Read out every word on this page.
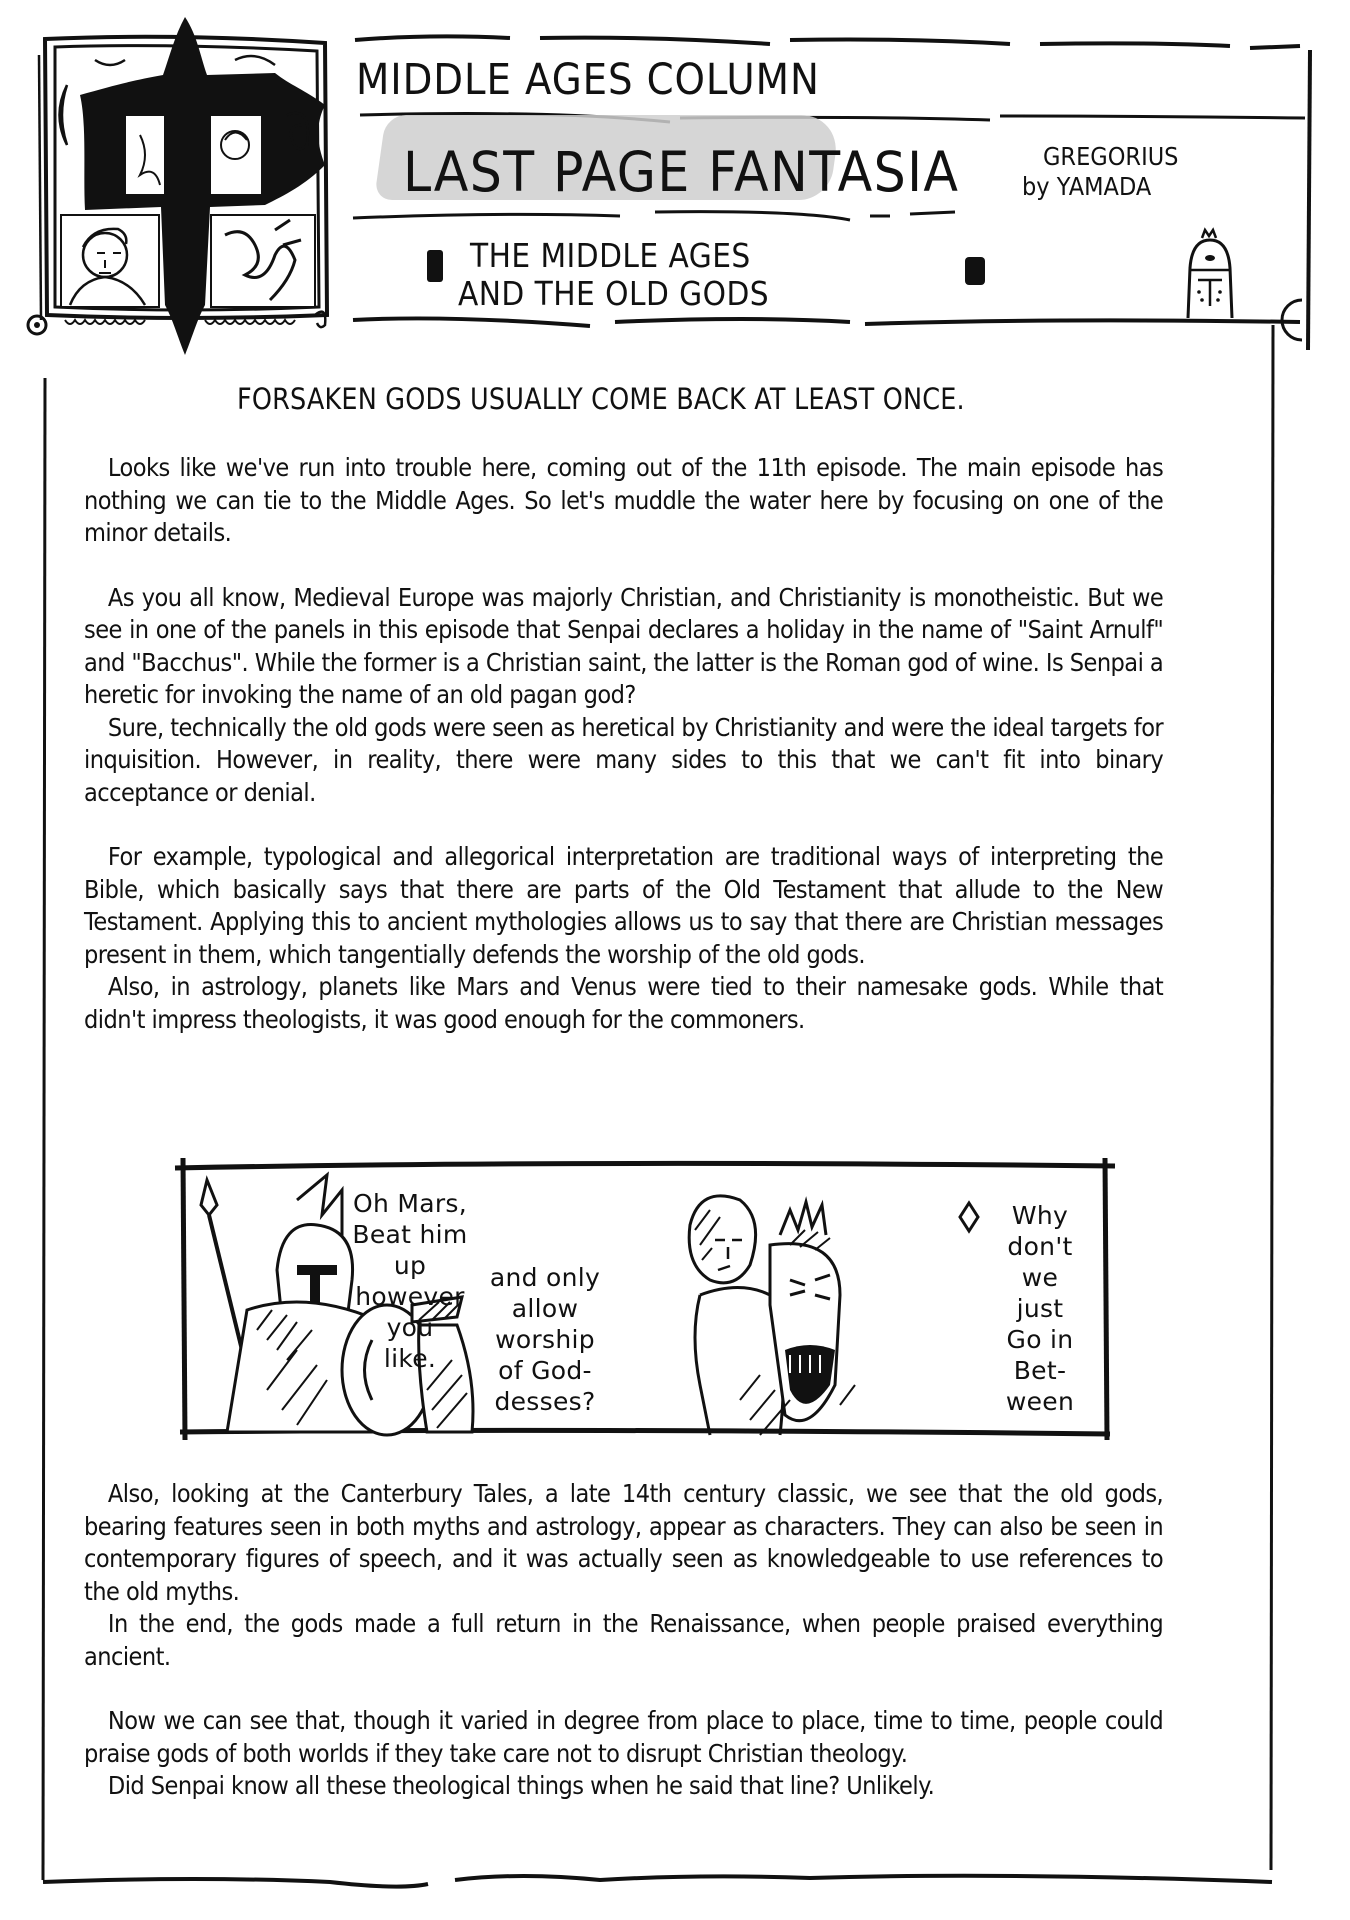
MIDDLE AGES COLUMN
LAST PAGE FANTASIA	GREGORIUS
by YAMADA
THE MIDDLE AGES
AND THE OLD GODS
FORSAKEN GODS USUALLY COME BACK AT LEAST ONCE.

Looks like we've run into trouble here, coming out of the 11th episode. The main episode has nothing we can tie to the Middle Ages. So let's muddle the water here by focusing on one of the minor details.

As you all know, Medieval Europe was majorly Christian, and Christianity is monotheistic. But we see in one of the panels in this episode that Senpai declares a holiday in the name of "Saint Arnulf" and "Bacchus". While the former is a Christian saint, the latter is the Roman god of wine. Is Senpai a heretic for invoking the name of an old pagan god?

Sure, technically the old gods were seen as heretical by Christianity and were the ideal targets for inquisition. However, in reality, there were many sides to this that we can't fit into binary acceptance or denial.

For example, typological and allegorical interpretation are traditional ways of interpreting the Bible, which basically says that there are parts of the Old Testament that allude to the New Testament. Applying this to ancient mythologies allows us to say that there are Christian messages present in them, which tangentially defends the worship of the old gods.

Also, in astrology, planets like Mars and Venus were tied to their namesake gods. While that didn't impress theologists, it was good enough for the commoners.

Oh Mars,
Beat him up
however
you
like.
and only
allow
worship
of God-
desses?
Why
don't
we
just
Go in
Bet-
ween

Also, looking at the Canterbury Tales, a late 14th century classic, we see that the old gods, bearing features seen in both myths and astrology, appear as characters. They can also be seen in contemporary figures of speech, and it was actually seen as knowledgeable to use references to the old myths.

In the end, the gods made a full return in the Renaissance, when people praised everything ancient.

Now we can see that, though it varied in degree from place to place, time to time, people could praise gods of both worlds if they take care not to disrupt Christian theology.

Did Senpai know all these theological things when he said that line? Unlikely.
